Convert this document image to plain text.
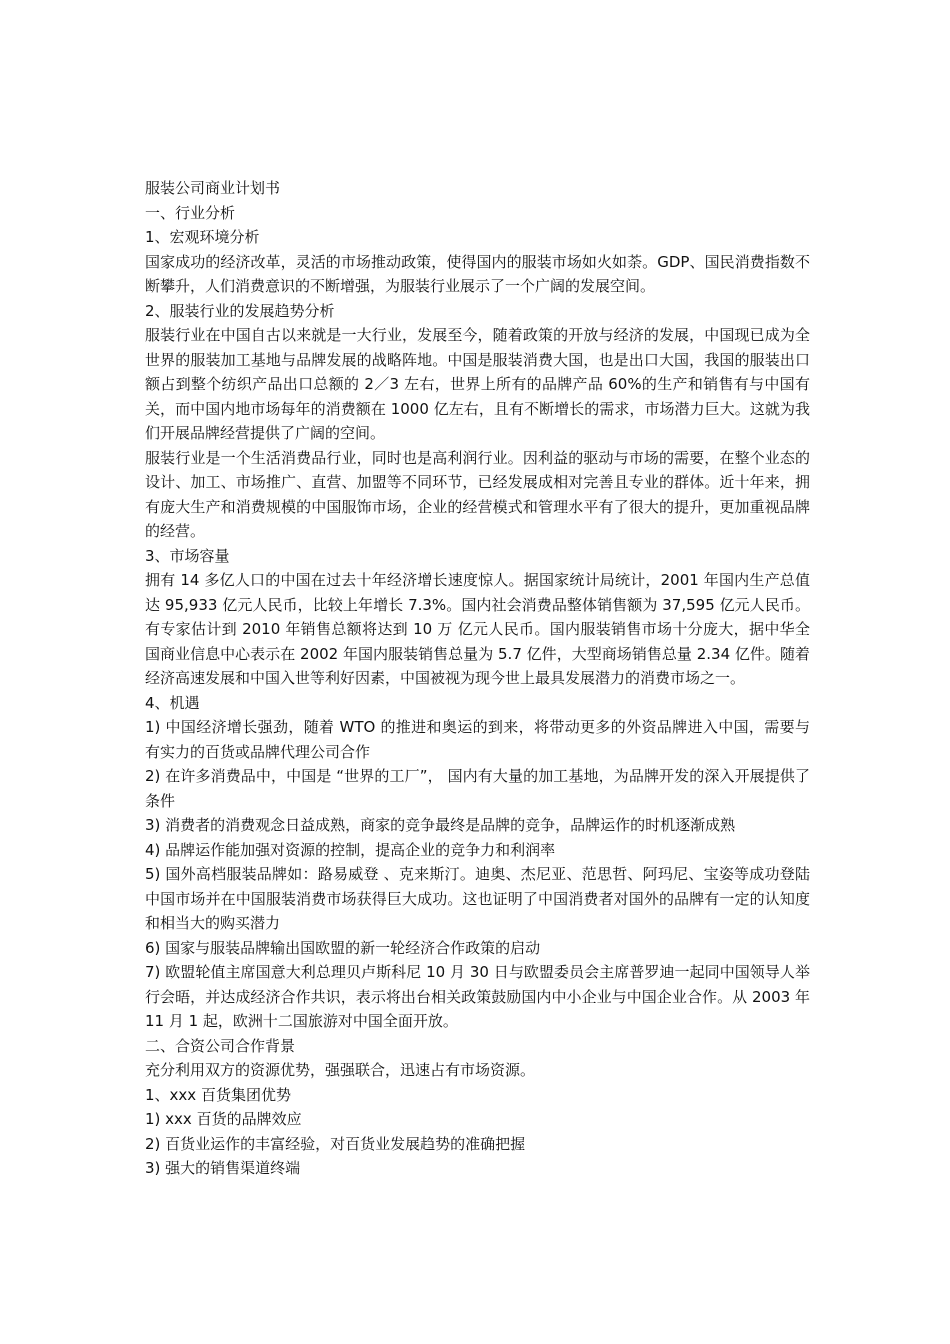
服装公司商业计划书

一、行业分析

1、宏观环境分析

国家成功的经济改革，灵活的市场推动政策，使得国内的服装市场如火如荼。GDP、国民消费指数不断攀升，人们消费意识的不断增强，为服装行业展示了一个广阔的发展空间。

2、服装行业的发展趋势分析

服装行业在中国自古以来就是一大行业，发展至今，随着政策的开放与经济的发展，中国现已成为全世界的服装加工基地与品牌发展的战略阵地。中国是服装消费大国，也是出口大国，我国的服装出口额占到整个纺织产品出口总额的 2／3 左右，世界上所有的品牌产品 60%的生产和销售有与中国有关，而中国内地市场每年的消费额在 1000 亿左右，且有不断增长的需求，市场潜力巨大。这就为我们开展品牌经营提供了广阔的空间。

服装行业是一个生活消费品行业，同时也是高利润行业。因利益的驱动与市场的需要，在整个业态的设计、加工、市场推广、直营、加盟等不同环节，已经发展成相对完善且专业的群体。近十年来，拥有庞大生产和消费规模的中国服饰市场，企业的经营模式和管理水平有了很大的提升，更加重视品牌的经营。

3、市场容量

拥有 14 多亿人口的中国在过去十年经济增长速度惊人。据国家统计局统计，2001 年国内生产总值达 95,933 亿元人民币，比较上年增长 7.3%。国内社会消费品整体销售额为 37,595 亿元人民币。有专家估计到 2010 年销售总额将达到 10 万 亿元人民币。国内服装销售市场十分庞大，据中华全国商业信息中心表示在 2002 年国内服装销售总量为 5.7 亿件，大型商场销售总量 2.34 亿件。随着经济高速发展和中国入世等利好因素，中国被视为现今世上最具发展潜力的消费市场之一。

4、机遇

1) 中国经济增长强劲，随着 WTO 的推进和奥运的到来，将带动更多的外资品牌进入中国，需要与有实力的百货或品牌代理公司合作

2) 在许多消费品中，中国是 “世界的工厂”， 国内有大量的加工基地，为品牌开发的深入开展提供了条件

3) 消费者的消费观念日益成熟，商家的竞争最终是品牌的竞争，品牌运作的时机逐渐成熟

4) 品牌运作能加强对资源的控制，提高企业的竞争力和利润率

5) 国外高档服装品牌如：路易威登 、克来斯汀。迪奥、杰尼亚、范思哲、阿玛尼、宝姿等成功登陆中国市场并在中国服装消费市场获得巨大成功。这也证明了中国消费者对国外的品牌有一定的认知度和相当大的购买潜力

6) 国家与服装品牌输出国欧盟的新一轮经济合作政策的启动

7) 欧盟轮值主席国意大利总理贝卢斯科尼 10 月 30 日与欧盟委员会主席普罗迪一起同中国领导人举行会晤，并达成经济合作共识，表示将出台相关政策鼓励国内中小企业与中国企业合作。从 2003 年 11 月 1 起，欧洲十二国旅游对中国全面开放。

二、合资公司合作背景

充分利用双方的资源优势，强强联合，迅速占有市场资源。

1、xxx 百货集团优势

1) xxx 百货的品牌效应

2) 百货业运作的丰富经验，对百货业发展趋势的准确把握

3) 强大的销售渠道终端
